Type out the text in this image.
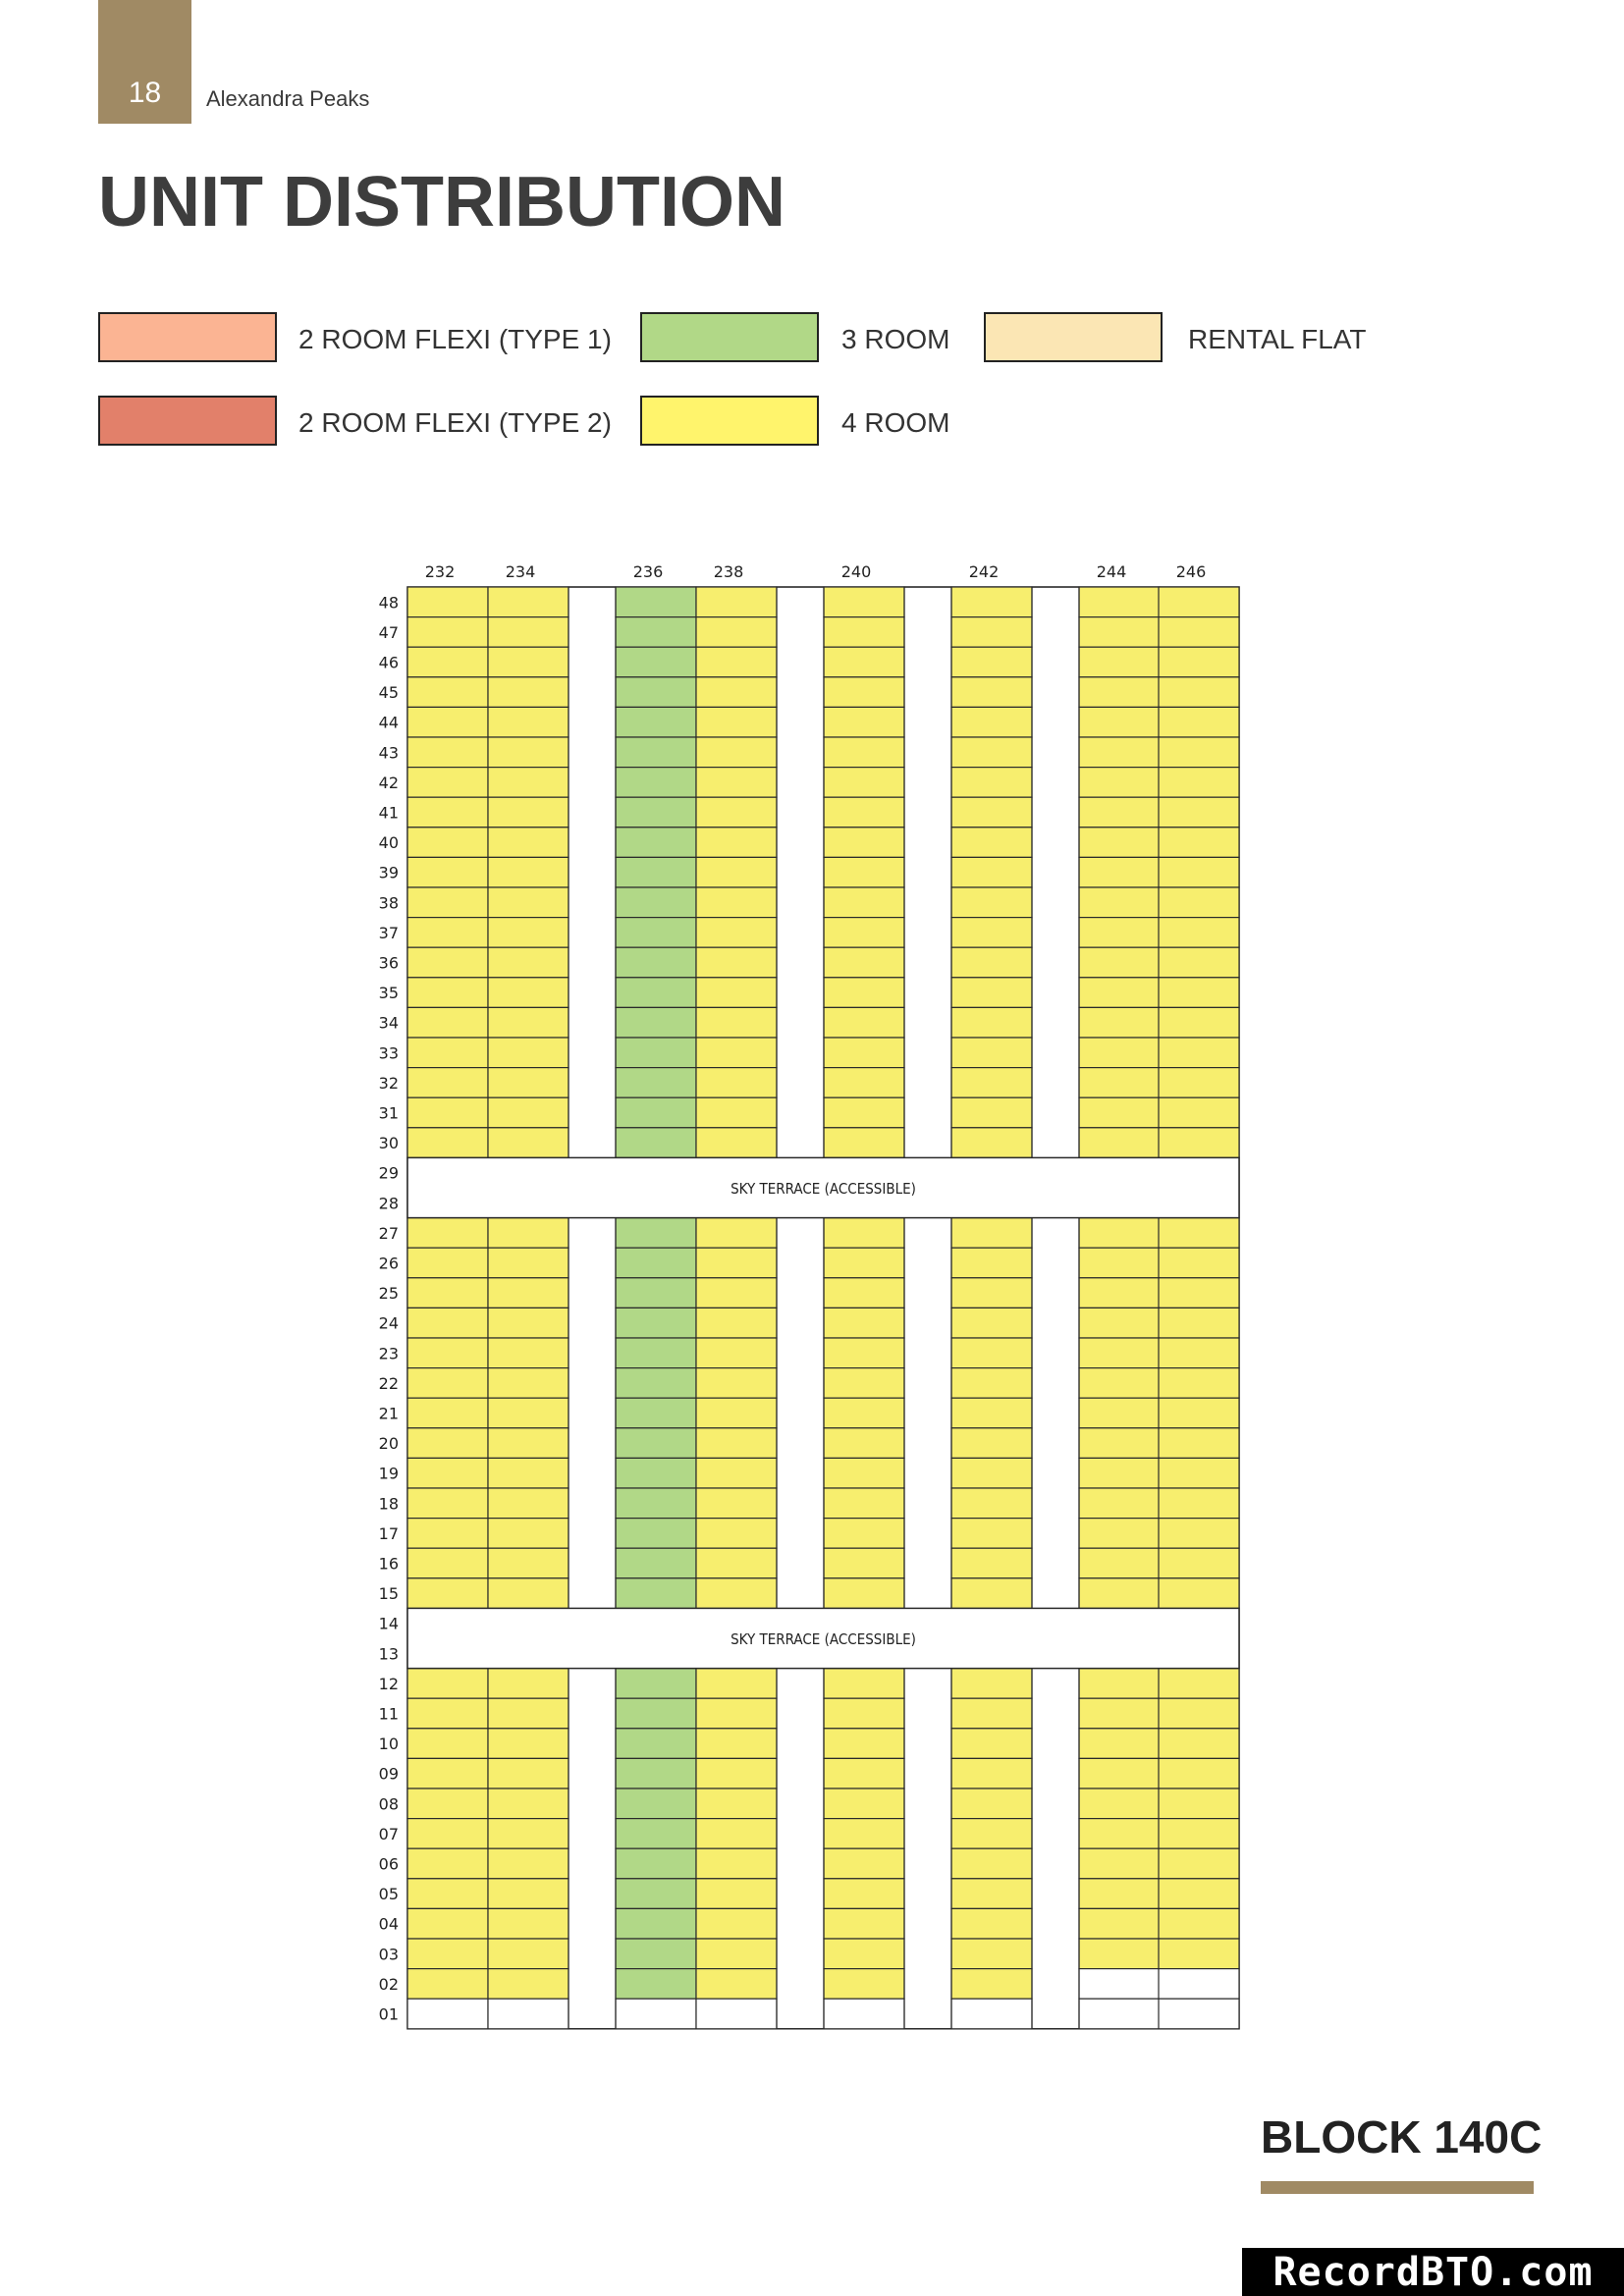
18 Alexandra Peaks
UNIT DISTRIBUTION
2 ROOM FLEXI (TYPE 1)
2 ROOM FLEXI (TYPE 2)
3 ROOM
4 ROOM
RENTAL FLAT
SKY TERRACE (ACCESSIBLE)
SKY TERRACE (ACCESSIBLE)
232	234	236	238	240	242	244	246
48
47
46
45
44
43
42
41
40
39
38
37
36
35
34
33
32
31
30
29
28
27
26
25
24
23
22
21
20
19
18
17
16
15
14
13
12
11
10
09
08
07
06
05
04
03
02
01
BLOCK 140C
RecordBTO.com
